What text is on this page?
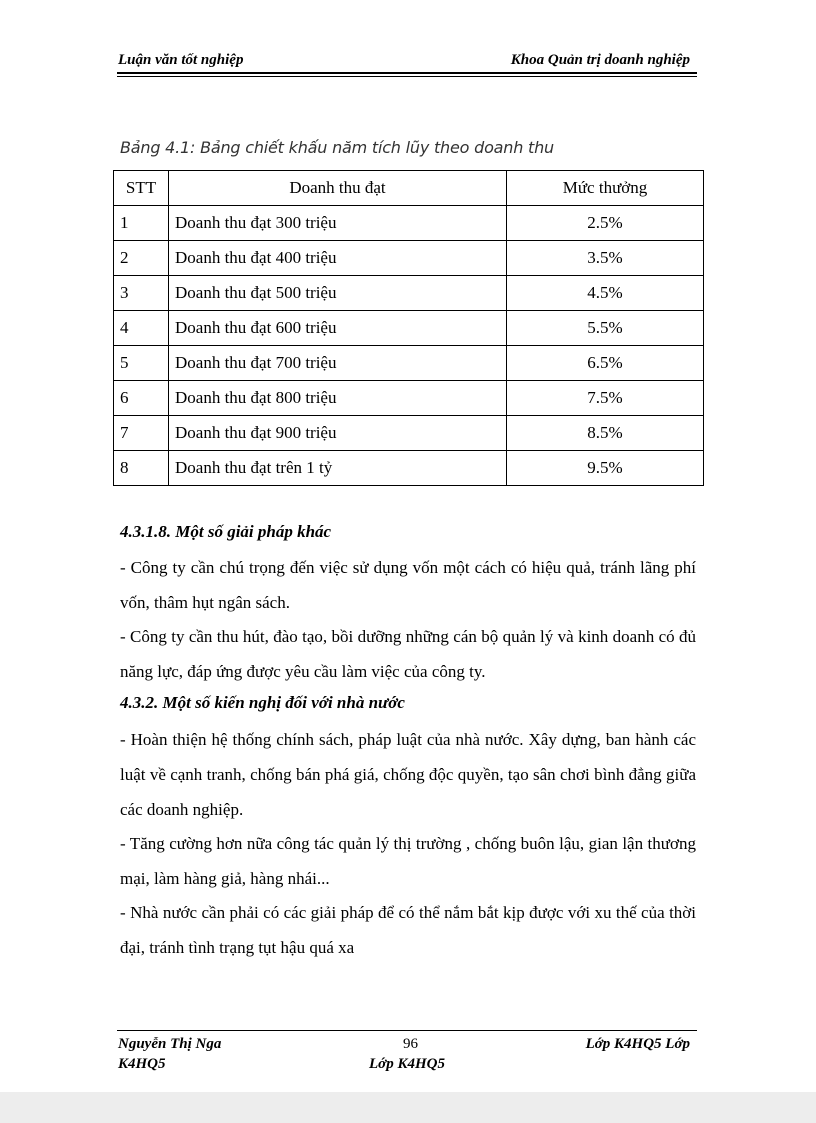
Luận văn tốt nghiệp	Khoa Quản trị doanh nghiệp
Bảng 4.1: Bảng chiết khấu năm tích lũy theo doanh thu
STT	Doanh thu đạt	Mức thưởng
1	Doanh thu đạt 300 triệu	2.5%
2	Doanh thu đạt 400 triệu	3.5%
3	Doanh thu đạt 500 triệu	4.5%
4	Doanh thu đạt 600 triệu	5.5%
5	Doanh thu đạt 700 triệu	6.5%
6	Doanh thu đạt 800 triệu	7.5%
7	Doanh thu đạt 900 triệu	8.5%
8	Doanh thu đạt trên 1 tỷ	9.5%
4.3.1.8. Một số giải pháp khác
- Công ty cần chú trọng đến việc sử dụng vốn một cách có hiệu quả, tránh lãng phí vốn, thâm hụt ngân sách.
- Công ty cần thu hút, đào tạo, bồi dưỡng những cán bộ quản lý và kinh doanh có đủ năng lực, đáp ứng được yêu cầu làm việc của công ty.
4.3.2. Một số kiến nghị đối với nhà nước
- Hoàn thiện hệ thống chính sách, pháp luật của nhà nước. Xây dựng, ban hành các luật về cạnh tranh, chống bán phá giá, chống độc quyền, tạo sân chơi bình đẳng giữa các doanh nghiệp.
- Tăng cường hơn nữa công tác quản lý thị trường , chống buôn lậu, gian lận thương mại, làm hàng giả, hàng nhái...
- Nhà nước cần phải có các giải pháp để có thể nắm bắt kịp được với xu thế của thời đại, tránh tình trạng tụt hậu quá xa
Nguyễn Thị Nga
K4HQ5
96
Lớp K4HQ5
Lớp K4HQ5 Lớp
